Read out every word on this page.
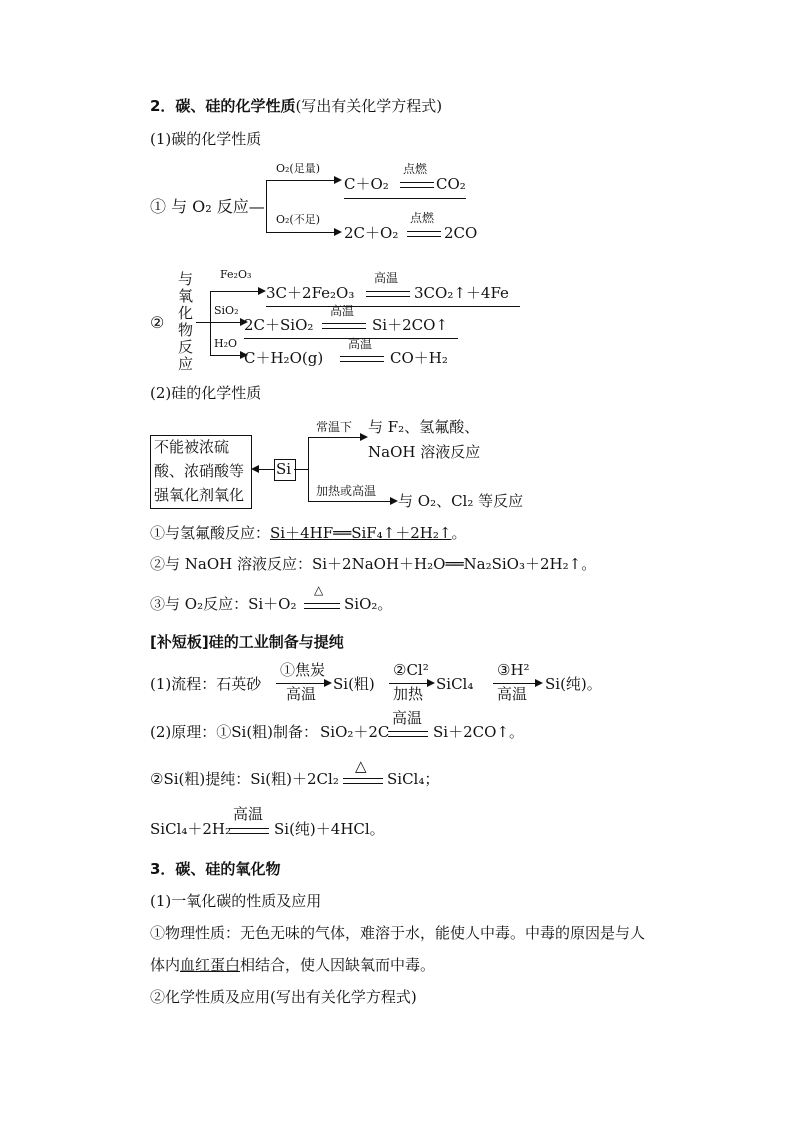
2．碳、硅的化学性质(写出有关化学方程式)
(1)碳的化学性质
① 与 O₂ 反应—
O₂(足量)
O₂(不足)
C＋O₂
点燃
CO₂
2C＋O₂
点燃
2CO
②
与
氧
化
物
反
应
Fe₂O₃
SiO₂
H₂O
3C＋2Fe₂O₃
高温
3CO₂↑＋4Fe
2C＋SiO₂
高温
Si＋2CO↑
C＋H₂O(g)
高温
CO＋H₂
(2)硅的化学性质
不能被浓硫
酸、浓硝酸等
强氧化剂氧化
Si
常温下 与 F₂、氢氟酸、
NaOH 溶液反应
加热或高温
与 O₂、Cl₂ 等反应
①与氢氟酸反应：Si＋4HF══SiF₄↑＋2H₂↑。
②与 NaOH 溶液反应：Si＋2NaOH＋H₂O══Na₂SiO₃＋2H₂↑。
③与 O₂反应：Si＋O₂
△
SiO₂。
[补短板]硅的工业制备与提纯
(1)流程：石英砂
①焦炭
高温
Si(粗)
②Cl²
加热
SiCl₄
③H²
高温
Si(纯)。
(2)原理：①Si(粗)制备： SiO₂＋2C
高温
Si＋2CO↑。
②Si(粗)提纯：Si(粗)＋2Cl₂
△
SiCl₄；
SiCl₄＋2H₂
高温
Si(纯)＋4HCl。
3．碳、硅的氧化物
(1)一氧化碳的性质及应用
①物理性质：无色无味的气体，难溶于水，能使人中毒。中毒的原因是与人
体内血红蛋白相结合，使人因缺氧而中毒。
②化学性质及应用(写出有关化学方程式)
